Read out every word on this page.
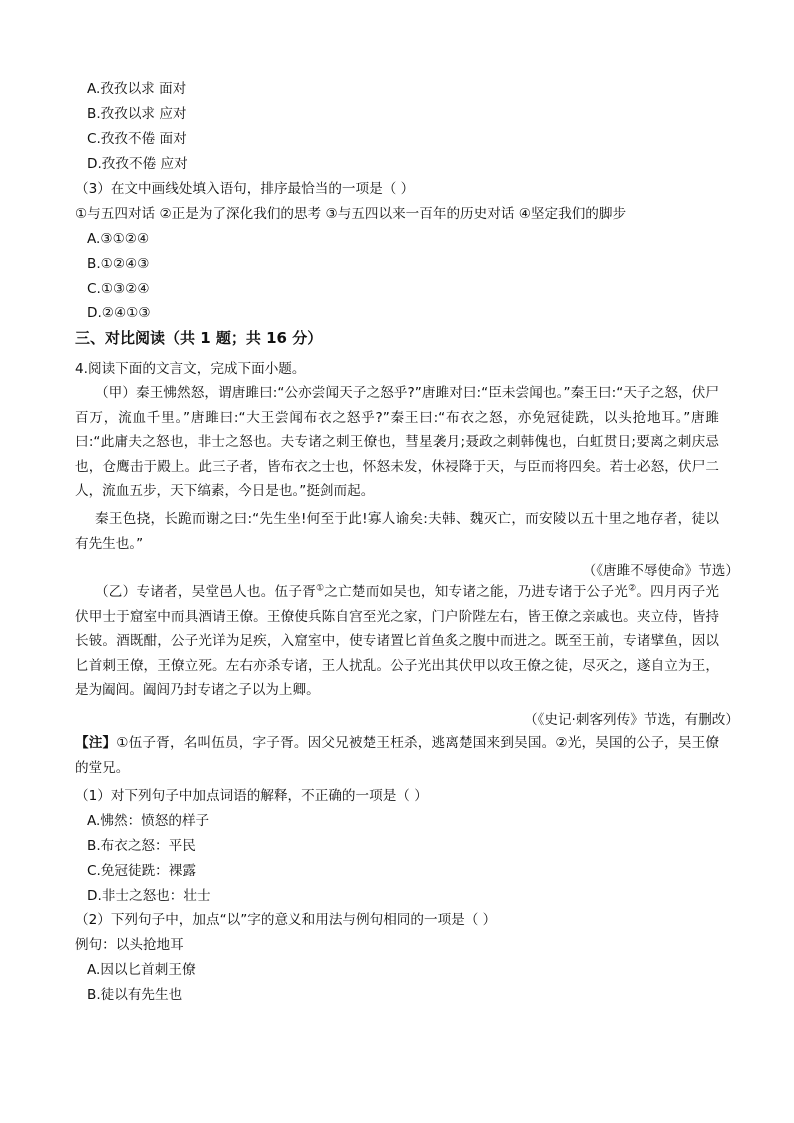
A.孜孜以求 面对
B.孜孜以求 应对
C.孜孜不倦 面对
D.孜孜不倦 应对
（3）在文中画线处填入语句，排序最恰当的一项是（ ）
①与五四对话 ②正是为了深化我们的思考 ③与五四以来一百年的历史对话 ④坚定我们的脚步
A.③①②④
B.①②④③
C.①③②④
D.②④①③
三、对比阅读（共 1 题；共 16 分）
4.阅读下面的文言文，完成下面小题。

（甲）秦王怫然怒，谓唐雎曰:“公亦尝闻天子之怒乎?”唐雎对曰:“臣未尝闻也。”秦王曰:“天子之怒，伏尸百万，流血千里。”唐雎曰:“大王尝闻布衣之怒乎?”秦王曰:“布衣之怒，亦免冠徒跣，以头抢地耳。”唐雎曰:“此庸夫之怒也，非士之怒也。夫专诸之刺王僚也，彗星袭月;聂政之刺韩傀也，白虹贯日;要离之刺庆忌也，仓鹰击于殿上。此三子者，皆布衣之士也，怀怒未发，休祲降于天，与臣而将四矣。若士必怒，伏尸二人，流血五步，天下缟素，今日是也。”挺剑而起。

秦王色挠，长跪而谢之曰:“先生坐!何至于此!寡人谕矣:夫韩、魏灭亡，而安陵以五十里之地存者，徒以有先生也。”

（《唐雎不辱使命》节选）

（乙）专诸者，吴堂邑人也。伍子胥①之亡楚而如吴也，知专诸之能，乃进专诸于公子光②。四月丙子光伏甲士于窟室中而具酒请王僚。王僚使兵陈自宫至光之家，门户阶陛左右，皆王僚之亲戚也。夹立侍，皆持长铍。酒既酣，公子光详为足疾，入窟室中，使专诸置匕首鱼炙之腹中而进之。既至王前，专诸擘鱼，因以匕首刺王僚，王僚立死。左右亦杀专诸，王人扰乱。公子光出其伏甲以攻王僚之徒，尽灭之，遂自立为王，是为阖闾。阖闾乃封专诸之子以为上卿。

（《史记·刺客列传》节选，有删改）

【注】①伍子胥，名叫伍员，字子胥。因父兄被楚王枉杀，逃离楚国来到吴国。②光，吴国的公子，吴王僚的堂兄。

（1）对下列句子中加点词语的解释，不正确的一项是（ ）
A.怫然：愤怒的样子
B.布衣之怒：平民
C.免冠徒跣：裸露
D.非士之怒也：壮士
（2）下列句子中，加点“以”字的意义和用法与例句相同的一项是（ ）
例句：以头抢地耳
A.因以匕首刺王僚
B.徒以有先生也
